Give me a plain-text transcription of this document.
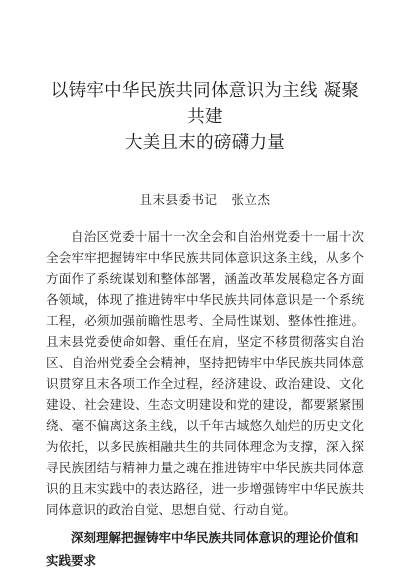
以铸牢中华民族共同体意识为主线 凝聚共建
大美且末的磅礴力量
且末县委书记 张立杰

自治区党委十届十一次全会和自治州党委十一届十次全会牢牢把握铸牢中华民族共同体意识这条主线，从多个方面作了系统谋划和整体部署，涵盖改革发展稳定各方面各领域，体现了推进铸牢中华民族共同体意识是一个系统工程，必须加强前瞻性思考、全局性谋划、整体性推进。且末县党委使命如磐、重任在肩，坚定不移贯彻落实自治区、自治州党委全会精神，坚持把铸牢中华民族共同体意识贯穿且末各项工作全过程，经济建设、政治建设、文化建设、社会建设、生态文明建设和党的建设，都要紧紧围绕、毫不偏离这条主线，以千年古域悠久灿烂的历史文化为依托，以多民族相融共生的共同体理念为支撑，深入探寻民族团结与精神力量之魂在推进铸牢中华民族共同体意识的且末实践中的表达路径，进一步增强铸牢中华民族共同体意识的政治自觉、思想自觉、行动自觉。

深刻理解把握铸牢中华民族共同体意识的理论价值和实践要求
